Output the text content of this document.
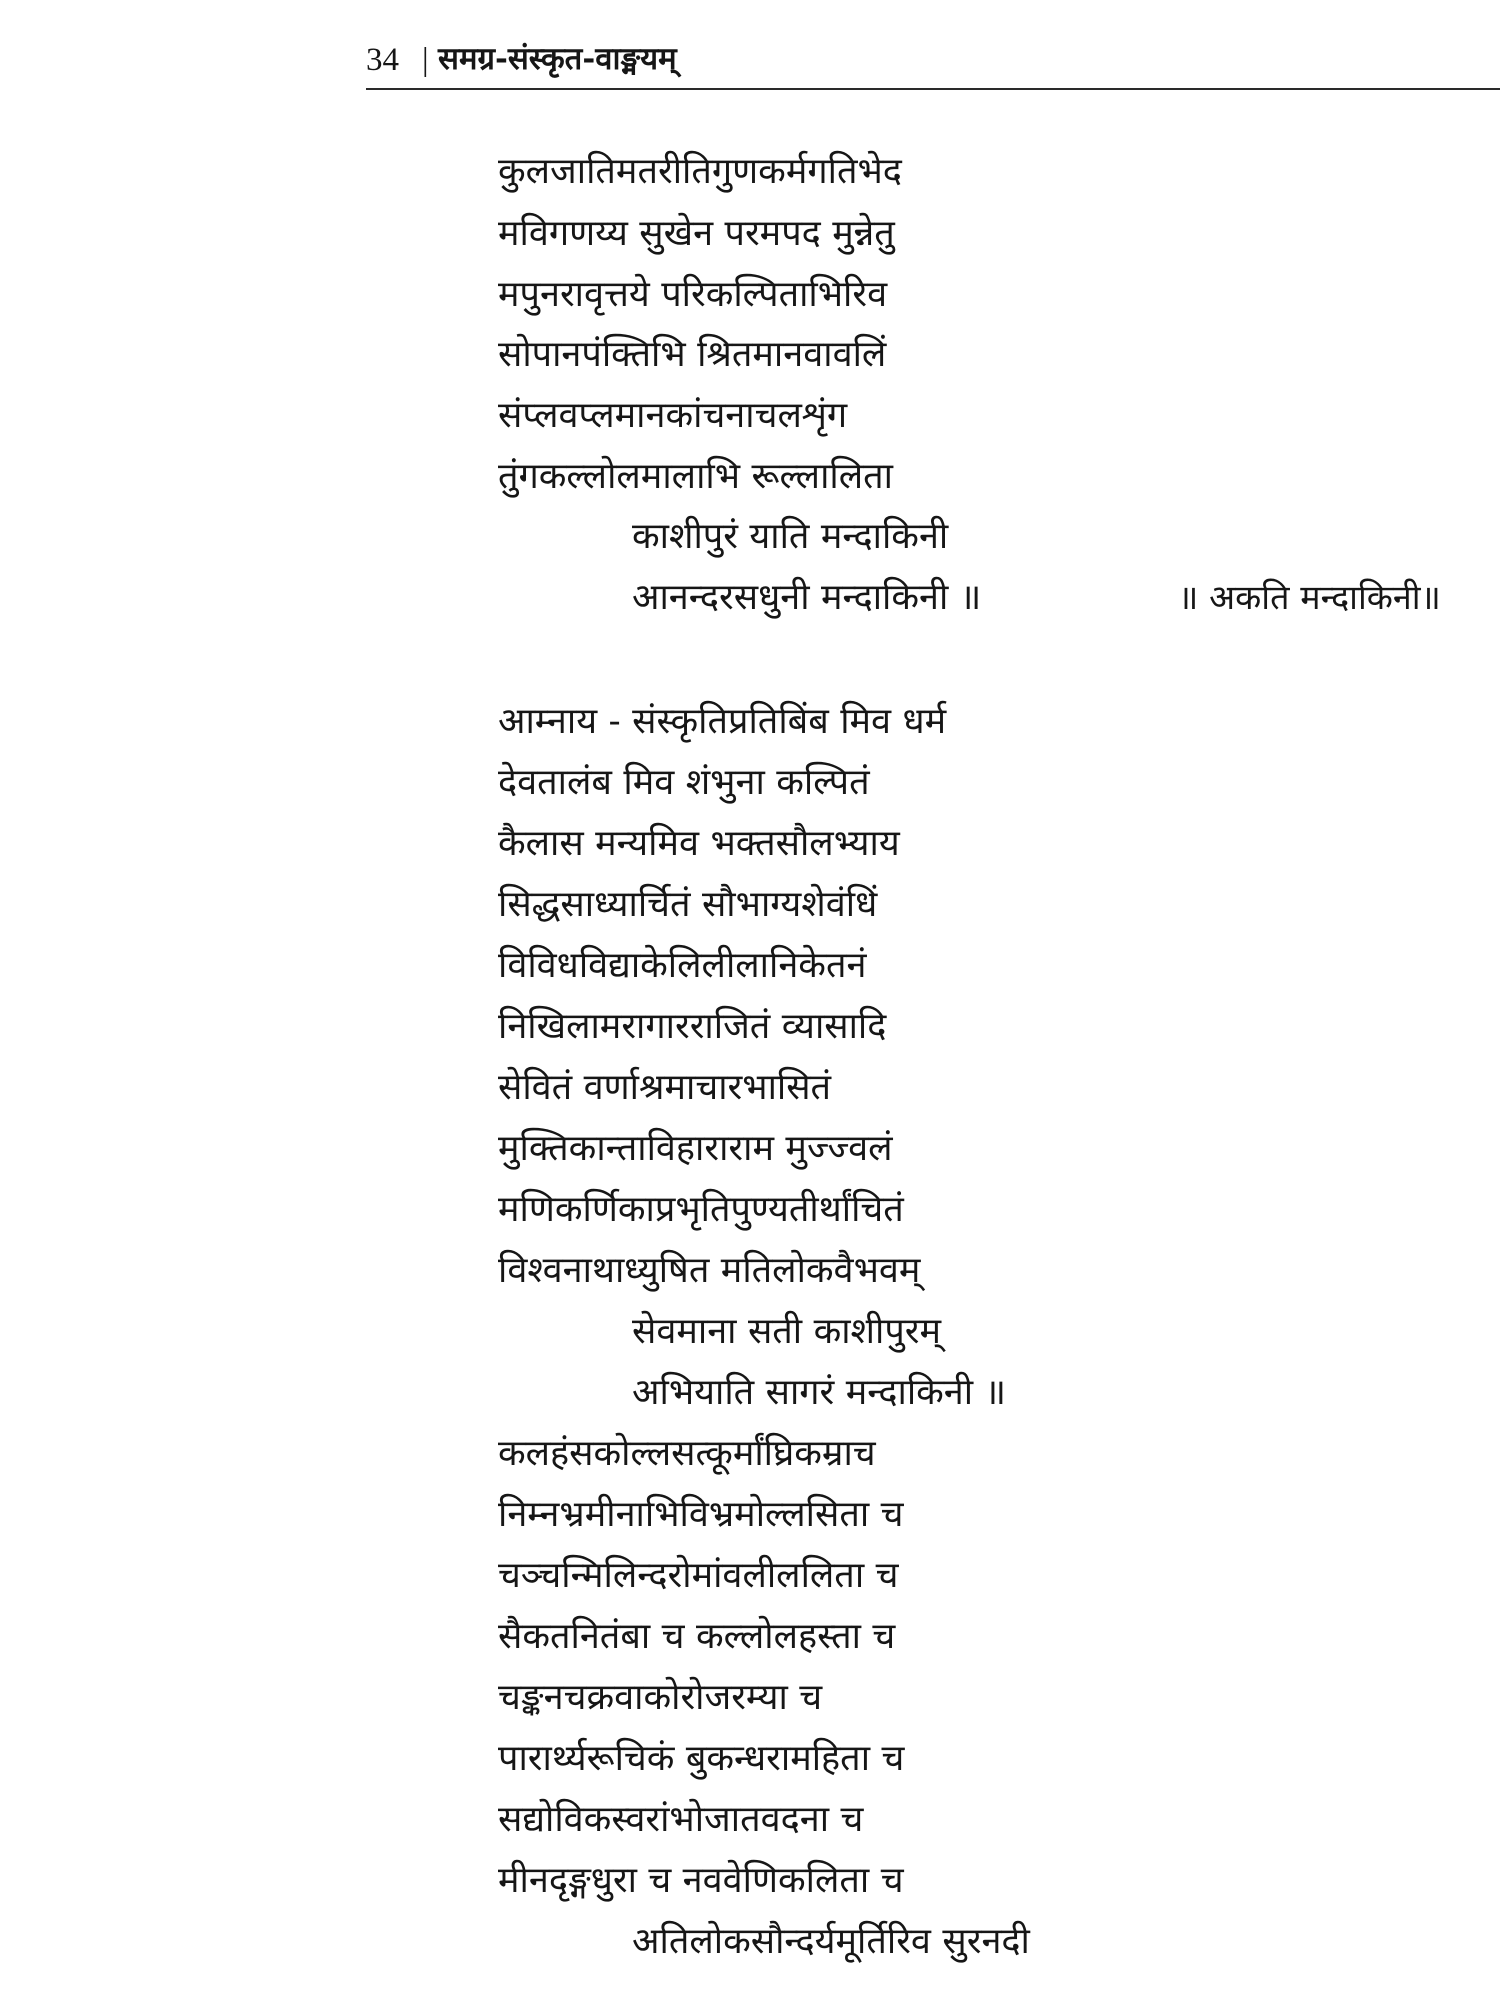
34 | समग्र-संस्कृत-वाङ्मयम्
कुलजातिमतरीतिगुणकर्मगतिभेद
मविगणय्य सुखेन परमपद मुन्नेतु
मपुनरावृत्तये परिकल्पिताभिरिव
सोपानपंक्तिभि श्रितमानवावलिं
संप्लवप्लमानकांचनाचलशृंग
तुंगकल्लोलमालाभि रूल्लालिता
काशीपुरं याति मन्दाकिनी
आनन्दरसधुनी मन्दाकिनी ॥	॥ अकति मन्दाकिनी॥
आम्नाय - संस्कृतिप्रतिबिंब मिव धर्म
देवतालंब मिव शंभुना कल्पितं
कैलास मन्यमिव भक्तसौलभ्याय
सिद्धसाध्यार्चितं सौभाग्यशेवंधिं
विविधविद्याकेलिलीलानिकेतनं
निखिलामरागारराजितं व्यासादि
सेवितं वर्णाश्रमाचारभासितं
मुक्तिकान्ताविहाराराम मुज्ज्वलं
मणिकर्णिकाप्रभृतिपुण्यतीर्थांचितं
विश्वनाथाध्युषित मतिलोकवैभवम्
सेवमाना सती काशीपुरम्
अभियाति सागरं मन्दाकिनी ॥
कलहंसकोल्लसत्कूर्मांघ्रिकम्राच
निम्नभ्रमीनाभिविभ्रमोल्लसिता च
चञ्चन्मिलिन्दरोमांवलीललिता च
सैकतनितंबा च कल्लोलहस्ता च
चङ्कनचक्रवाकोरोजरम्या च
पारार्थ्यरूचिकं बुकन्धरामहिता च
सद्योविकस्वरांभोजातवदना च
मीनदृङ्गधुरा च नववेणिकलिता च
अतिलोकसौन्दर्यमूर्तिरिव सुरनदी
